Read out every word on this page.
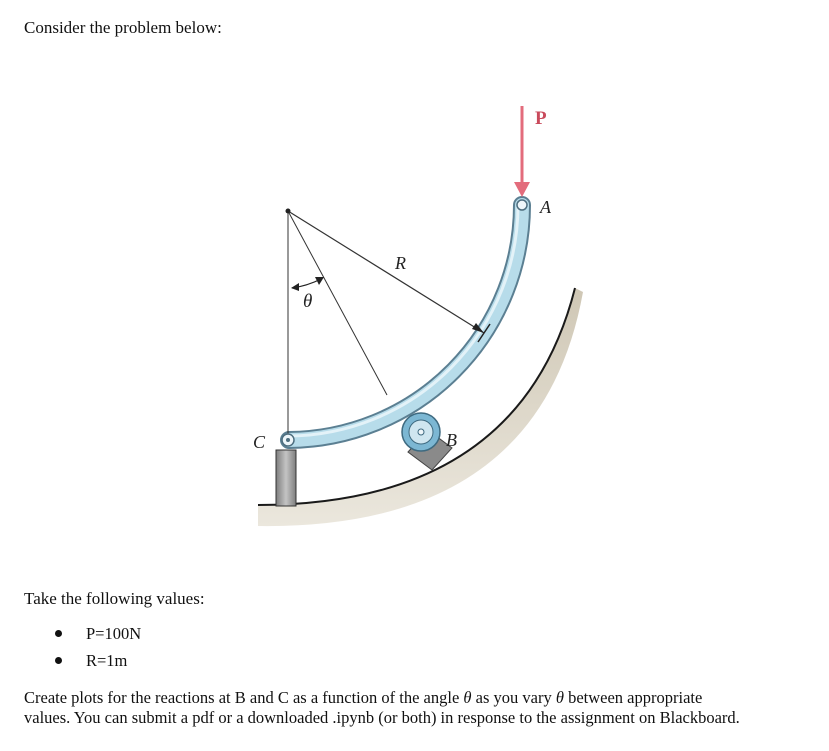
Consider the problem below:

P
A
R
θ
C	B

Take the following values:

P=100N
R=1m

Create plots for the reactions at B and C as a function of the angle θ as you vary θ between appropriate
values. You can submit a pdf or a downloaded .ipynb (or both) in response to the assignment on Blackboard.
